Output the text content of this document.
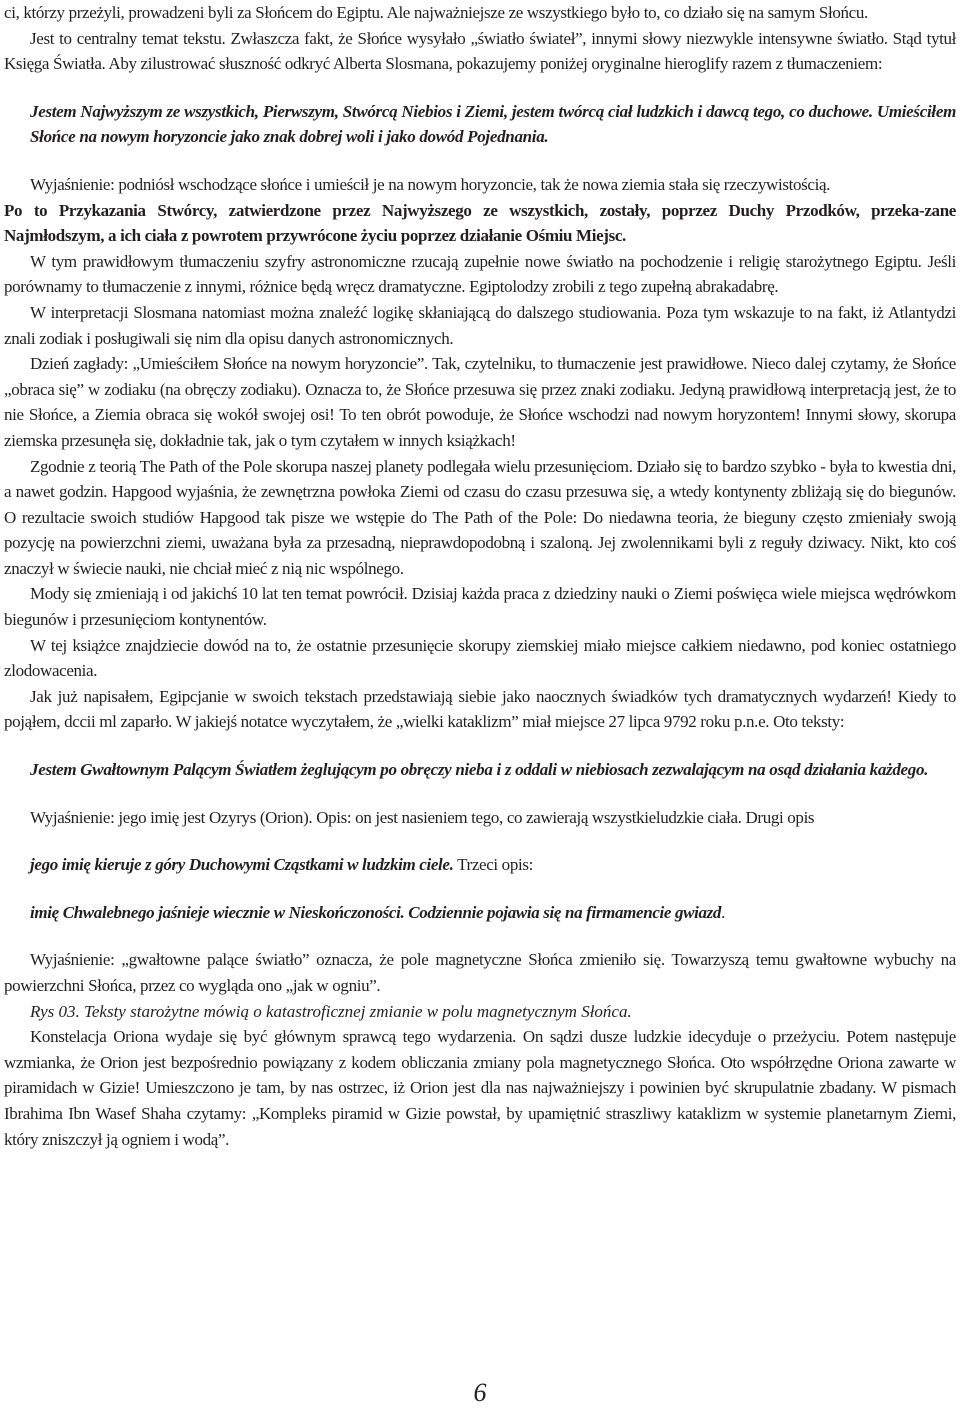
ci, którzy przeżyli, prowadzeni byli za Słońcem do Egiptu. Ale najważniejsze ze wszystkiego było to, co działo się na samym Słońcu.

Jest to centralny temat tekstu. Zwłaszcza fakt, że Słońce wysyłało „światło świateł”, innymi słowy niezwykle intensywne światło. Stąd tytuł Księga Światła. Aby zilustrować słuszność odkryć Alberta Slosmana, pokazujemy poniżej oryginalne hieroglify razem z tłumaczeniem:

Jestem Najwyższym ze wszystkich, Pierwszym, Stwórcą Niebios i Ziemi, jestem twórcą ciał ludzkich i dawcą tego, co duchowe. Umieściłem Słońce na nowym horyzoncie jako znak dobrej woli i jako dowód Pojednania.

Wyjaśnienie: podniósł wschodzące słońce i umieścił je na nowym horyzoncie, tak że nowa ziemia stała się rzeczywistością.

Po to Przykazania Stwórcy, zatwierdzone przez Najwyższego ze wszystkich, zostały, poprzez Duchy Przodków, przeka-zane Najmłodszym, a ich ciała z powrotem przywrócone życiu poprzez działanie Ośmiu Miejsc.

W tym prawidłowym tłumaczeniu szyfry astronomiczne rzucają zupełnie nowe światło na pochodzenie i religię starożytnego Egiptu. Jeśli porównamy to tłumaczenie z innymi, różnice będą wręcz dramatyczne. Egiptolodzy zrobili z tego zupełną abrakadabrę.

W interpretacji Slosmana natomiast można znaleźć logikę skłaniającą do dalszego studiowania. Poza tym wskazuje to na fakt, iż Atlantydzi znali zodiak i posługiwali się nim dla opisu danych astronomicznych.

Dzień zagłady: „Umieściłem Słońce na nowym horyzoncie”. Tak, czytelniku, to tłumaczenie jest prawidłowe. Nieco dalej czytamy, że Słońce „obraca się” w zodiaku (na obręczy zodiaku). Oznacza to, że Słońce przesuwa się przez znaki zodiaku. Jedyną prawidłową interpretacją jest, że to nie Słońce, a Ziemia obraca się wokół swojej osi! To ten obrót powoduje, że Słońce wschodzi nad nowym horyzontem! Innymi słowy, skorupa ziemska przesunęła się, dokładnie tak, jak o tym czytałem w innych książkach!

Zgodnie z teorią The Path of the Pole skorupa naszej planety podlegała wielu przesunięciom. Działo się to bardzo szybko - była to kwestia dni, a nawet godzin. Hapgood wyjaśnia, że zewnętrzna powłoka Ziemi od czasu do czasu przesuwa się, a wtedy kontynenty zbliżają się do biegunów. O rezultacie swoich studiów Hapgood tak pisze we wstępie do The Path of the Pole: Do niedawna teoria, że bieguny często zmieniały swoją pozycję na powierzchni ziemi, uważana była za przesadną, nieprawdopodobną i szaloną. Jej zwolennikami byli z reguły dziwacy. Nikt, kto coś znaczył w świecie nauki, nie chciał mieć z nią nic wspólnego.

Mody się zmieniają i od jakichś 10 lat ten temat powrócił. Dzisiaj każda praca z dziedziny nauki o Ziemi poświęca wiele miejsca wędrówkom biegunów i przesunięciom kontynentów.

W tej książce znajdziecie dowód na to, że ostatnie przesunięcie skorupy ziemskiej miało miejsce całkiem niedawno, pod koniec ostatniego zlodowacenia.

Jak już napisałem, Egipcjanie w swoich tekstach przedstawiają siebie jako naocznych świadków tych dramatycznych wydarzeń! Kiedy to pojąłem, dccii ml zaparło. W jakiejś notatce wyczytałem, że „wielki kataklizm” miał miejsce 27 lipca 9792 roku p.n.e. Oto teksty:

Jestem Gwałtownym Palącym Światłem żeglującym po obręczy nieba i z oddali w niebiosach zezwalającym na osąd działania każdego.

Wyjaśnienie: jego imię jest Ozyrys (Orion). Opis: on jest nasieniem tego, co zawierają wszystkieludzkie ciała. Drugi opis

jego imię kieruje z góry Duchowymi Cząstkami w ludzkim ciele. Trzeci opis:

imię Chwalebnego jaśnieje wiecznie w Nieskończoności. Codziennie pojawia się na firmamencie gwiazd.

Wyjaśnienie: „gwałtowne palące światło” oznacza, że pole magnetyczne Słońca zmieniło się. Towarzyszą temu gwałtowne wybuchy na powierzchni Słońca, przez co wygląda ono „jak w ogniu”.

Rys 03. Teksty starożytne mówią o katastroficznej zmianie w polu magnetycznym Słońca.

Konstelacja Oriona wydaje się być głównym sprawcą tego wydarzenia. On sądzi dusze ludzkie idecyduje o przeżyciu. Potem następuje wzmianka, że Orion jest bezpośrednio powiązany z kodem obliczania zmiany pola magnetycznego Słońca. Oto współrzędne Oriona zawarte w piramidach w Gizie! Umieszczono je tam, by nas ostrzec, iż Orion jest dla nas najważniejszy i powinien być skrupulatnie zbadany. W pismach Ibrahima Ibn Wasef Shaha czytamy: „Kompleks piramid w Gizie powstał, by upamiętnić straszliwy kataklizm w systemie planetarnym Ziemi, który zniszczył ją ogniem i wodą”.

6
